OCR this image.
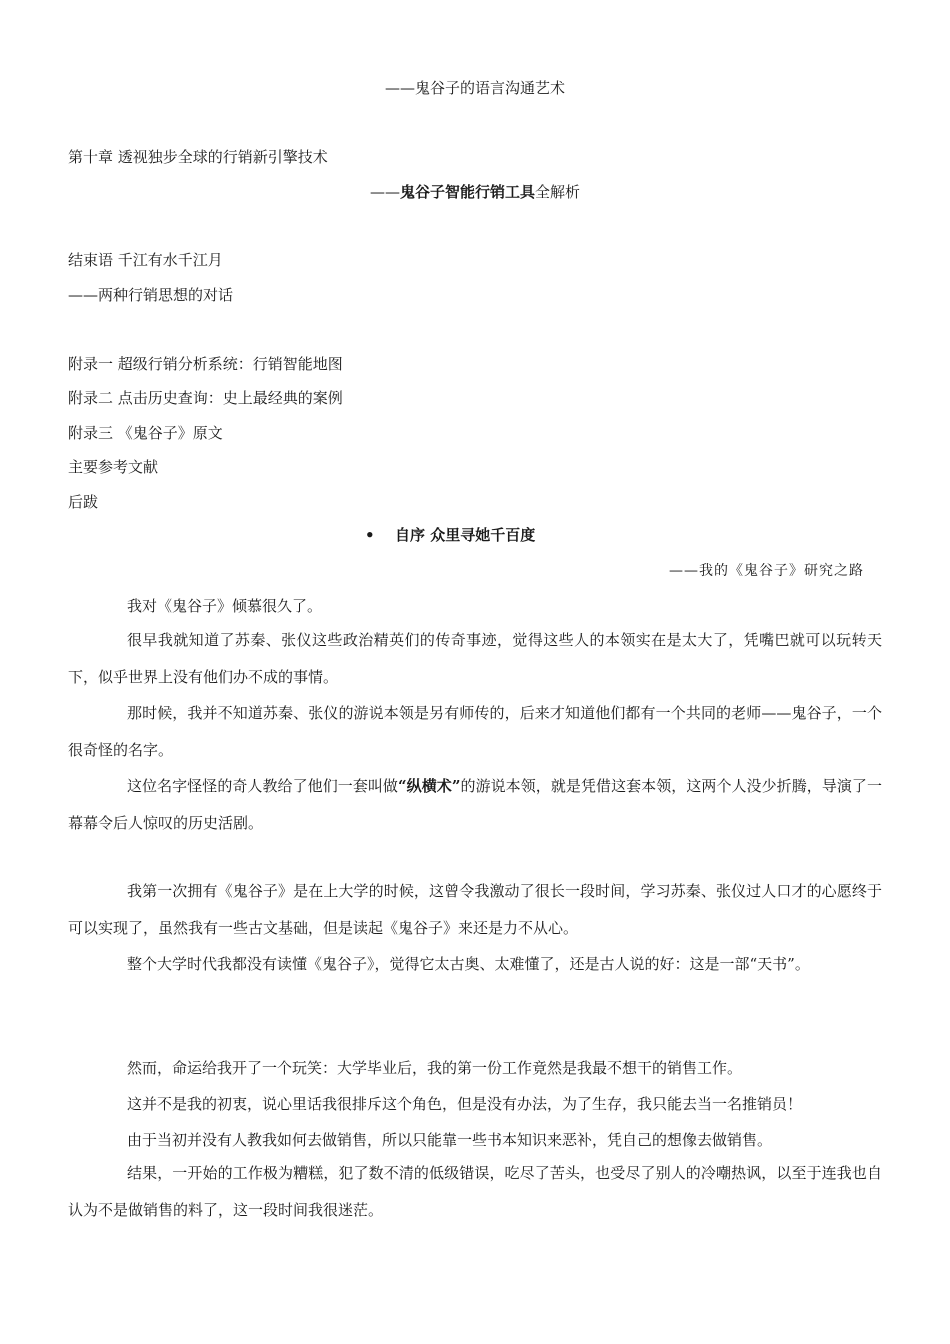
——鬼谷子的语言沟通艺术
第十章 透视独步全球的行销新引擎技术
——鬼谷子智能行销工具全解析
结束语 千江有水千江月
——两种行销思想的对话
附录一 超级行销分析系统：行销智能地图
附录二 点击历史查询：史上最经典的案例
附录三 《鬼谷子》原文
主要参考文献
后跋
• 自序 众里寻她千百度
——我的《鬼谷子》研究之路
我对《鬼谷子》倾慕很久了。
很早我就知道了苏秦、张仪这些政治精英们的传奇事迹，觉得这些人的本领实在是太大了，凭嘴巴就可以玩转天下，似乎世界上没有他们办不成的事情。
那时候，我并不知道苏秦、张仪的游说本领是另有师传的，后来才知道他们都有一个共同的老师——鬼谷子，一个很奇怪的名字。
这位名字怪怪的奇人教给了他们一套叫做“纵横术”的游说本领，就是凭借这套本领，这两个人没少折腾，导演了一幕幕令后人惊叹的历史活剧。
我第一次拥有《鬼谷子》是在上大学的时候，这曾令我激动了很长一段时间，学习苏秦、张仪过人口才的心愿终于可以实现了，虽然我有一些古文基础，但是读起《鬼谷子》来还是力不从心。
整个大学时代我都没有读懂《鬼谷子》，觉得它太古奥、太难懂了，还是古人说的好：这是一部“天书”。
然而，命运给我开了一个玩笑：大学毕业后，我的第一份工作竟然是我最不想干的销售工作。
这并不是我的初衷，说心里话我很排斥这个角色，但是没有办法，为了生存，我只能去当一名推销员！
由于当初并没有人教我如何去做销售，所以只能靠一些书本知识来恶补，凭自己的想像去做销售。
结果，一开始的工作极为糟糕，犯了数不清的低级错误，吃尽了苦头，也受尽了别人的冷嘲热讽，以至于连我也自认为不是做销售的料了，这一段时间我很迷茫。
